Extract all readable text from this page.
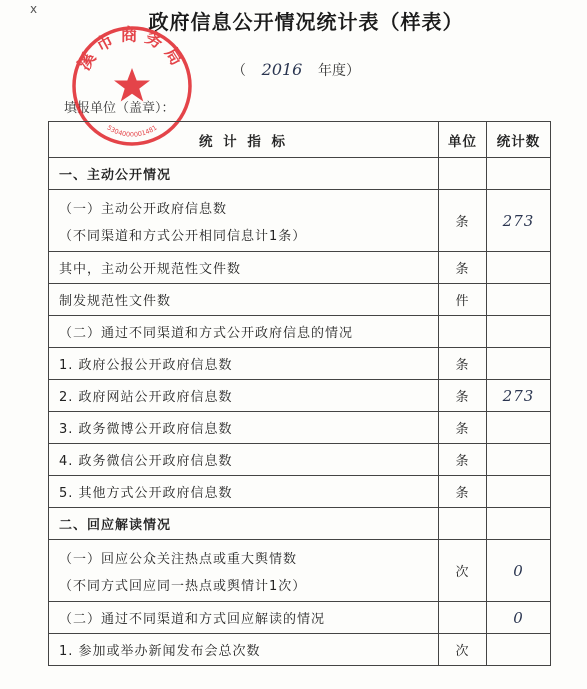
ⅹ
政府信息公开情况统计表（样表）
（ 2016 年度）
填报单位（盖章）：
溪市商务局
5304000001481
统 计 指 标	单位	统计数

一、主动公开情况		

（一）主动公开政府信息数
（不同渠道和方式公开相同信息计1条）	条	273

其中，主动公开规范性文件数	条	

制发规范性文件数	件	

（二）通过不同渠道和方式公开政府信息的情况		

1. 政府公报公开政府信息数	条	

2. 政府网站公开政府信息数	条	273

3. 政务微博公开政府信息数	条	

4. 政务微信公开政府信息数	条	

5. 其他方式公开政府信息数	条	

二、回应解读情况		

（一）回应公众关注热点或重大舆情数
（不同方式回应同一热点或舆情计1次）	次	0

（二）通过不同渠道和方式回应解读的情况		0

1. 参加或举办新闻发布会总次数	次	
